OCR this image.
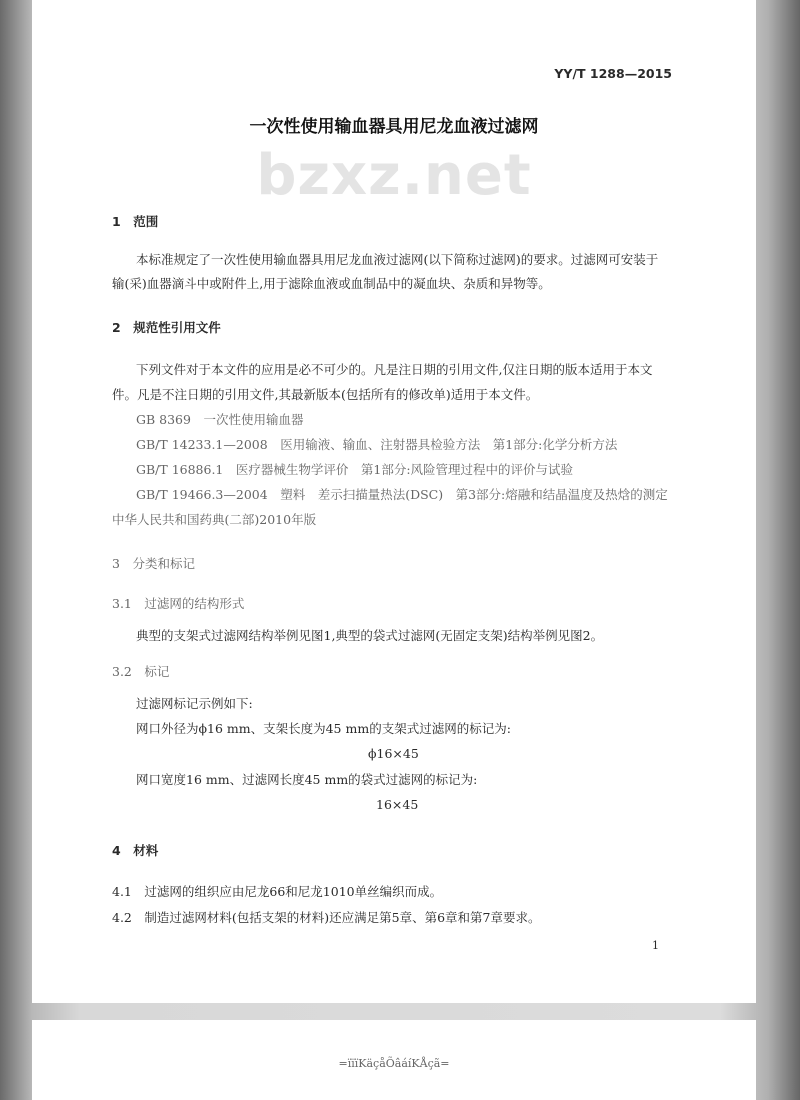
YY/T 1288—2015
一次性使用输血器具用尼龙血液过滤网
bzxz.net
1　范围
本标准规定了一次性使用输血器具用尼龙血液过滤网(以下简称过滤网)的要求。过滤网可安装于
输(采)血器滴斗中或附件上,用于滤除血液或血制品中的凝血块、杂质和异物等。
2　规范性引用文件
下列文件对于本文件的应用是必不可少的。凡是注日期的引用文件,仅注日期的版本适用于本文
件。凡是不注日期的引用文件,其最新版本(包括所有的修改单)适用于本文件。
GB 8369　一次性使用输血器
GB/T 14233.1—2008　医用输液、输血、注射器具检验方法　第1部分:化学分析方法
GB/T 16886.1　医疗器械生物学评价　第1部分:风险管理过程中的评价与试验
GB/T 19466.3—2004　塑料　差示扫描量热法(DSC)　第3部分:熔融和结晶温度及热焓的测定
中华人民共和国药典(二部)2010年版
3　分类和标记
3.1　过滤网的结构形式
典型的支架式过滤网结构举例见图1,典型的袋式过滤网(无固定支架)结构举例见图2。
3.2　标记
过滤网标记示例如下:
网口外径为ϕ16 mm、支架长度为45 mm的支架式过滤网的标记为:
ϕ16×45
网口宽度16 mm、过滤网长度45 mm的袋式过滤网的标记为:
16×45
4　材料
4.1　过滤网的组织应由尼龙66和尼龙1010单丝编织而成。
4.2　制造过滤网材料(包括支架的材料)还应满足第5章、第6章和第7章要求。
1
=ïïïKäçåÕâáíKÅçã=
